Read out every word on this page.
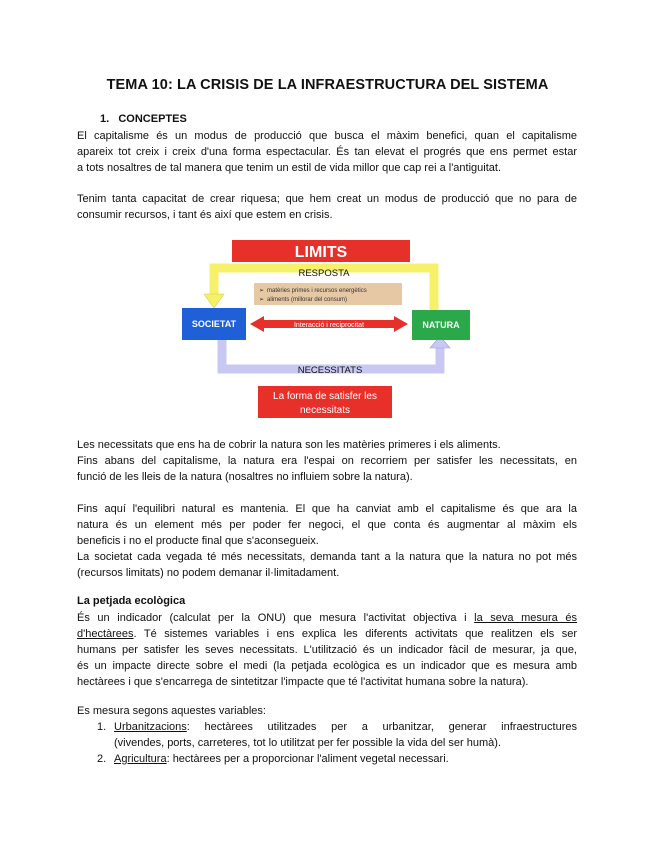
TEMA 10: LA CRISIS DE LA INFRAESTRUCTURA DEL SISTEMA
1. CONCEPTES
El capitalisme és un modus de producció que busca el màxim benefici, quan el capitalisme
apareix tot creix i creix d'una forma espectacular. És tan elevat el progrés que ens permet estar
a tots nosaltres de tal manera que tenim un estil de vida millor que cap rei a l'antiguitat.
Tenim tanta capacitat de crear riquesa; que hem creat un modus de producció que no para de
consumir recursos, i tant és així que estem en crisis.
LIMITS
RESPOSTA
➢ matèries primes i recursos energètics
➢ aliments (millorar del consum)
SOCIETAT	NATURA
Interacció i reciprocitat
NECESSITATS
La forma de satisfer les
necessitats
Les necessitats que ens ha de cobrir la natura son les matèries primeres i els aliments.
Fins abans del capitalisme, la natura era l'espai on recorriem per satisfer les necessitats, en
funció de les lleis de la natura (nosaltres no influiem sobre la natura).
Fins aquí l'equilibri natural es mantenia. El que ha canviat amb el capitalisme és que ara la
natura és un element més per poder fer negoci, el que conta és augmentar al màxim els
beneficis i no el producte final que s'aconsegueix.
La societat cada vegada té més necessitats, demanda tant a la natura que la natura no pot més
(recursos limitats) no podem demanar il·limitadament.
La petjada ecològica
És un indicador (calculat per la ONU) que mesura l'activitat objectiva i la seva mesura és
d'hectàrees. Té sistemes variables i ens explica les diferents activitats que realitzen els ser
humans per satisfer les seves necessitats. L'utilització és un indicador fàcil de mesurar, ja que,
és un impacte directe sobre el medi (la petjada ecològica es un indicador que es mesura amb
hectàrees i que s'encarrega de sintetitzar l'impacte que té l'activitat humana sobre la natura).
Es mesura segons aquestes variables:
1. Urbanitzacions: hectàrees utilitzades per a urbanitzar, generar infraestructures
(vivendes, ports, carreteres, tot lo utilitzat per fer possible la vida del ser humà).
2. Agricultura: hectàrees per a proporcionar l'aliment vegetal necessari.
